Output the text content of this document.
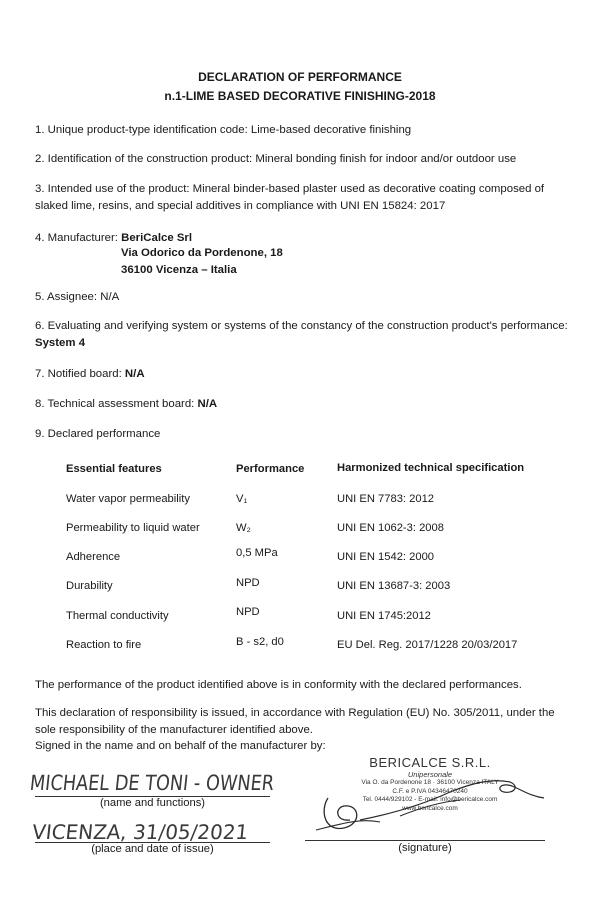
DECLARATION OF PERFORMANCE
n.1-LIME BASED DECORATIVE FINISHING-2018
1. Unique product-type identification code: Lime-based decorative finishing
2. Identification of the construction product: Mineral bonding finish for indoor and/or outdoor use
3. Intended use of the product: Mineral binder-based plaster used as decorative coating composed of slaked lime, resins, and special additives in compliance with UNI EN 15824: 2017
4. Manufacturer: BeriCalce Srl
Via Odorico da Pordenone, 18
36100 Vicenza – Italia
5. Assignee: N/A
6. Evaluating and verifying system or systems of the constancy of the construction product's performance: System 4
7. Notified board: N/A
8. Technical assessment board: N/A
9. Declared performance
Essential features	Performance	Harmonized technical specification
Water vapor permeability	V₁	UNI EN 7783: 2012
Permeability to liquid water	W₂	UNI EN 1062-3: 2008
Adherence	0,5 MPa	UNI EN 1542: 2000
Durability	NPD	UNI EN 13687-3: 2003
Thermal conductivity	NPD	UNI EN 1745:2012
Reaction to fire	B - s2, d0	EU Del. Reg. 2017/1228 20/03/2017
The performance of the product identified above is in conformity with the declared performances.
This declaration of responsibility is issued, in accordance with Regulation (EU) No. 305/2011, under the sole responsibility of the manufacturer identified above.
Signed in the name and on behalf of the manufacturer by:
MICHAEL DE TONI - OWNER
(name and functions)
VICENZA, 31/05/2021
(place and date of issue)
BERICALCE S.R.L.
Unipersonale
Via O. da Pordenone 18 · 36100 Vicenza ITALY
C.F. e P.IVA 04346470240
Tel. 0444/929102 - E-mail: info@bericalce.com
www.bericalce.com
(signature)
